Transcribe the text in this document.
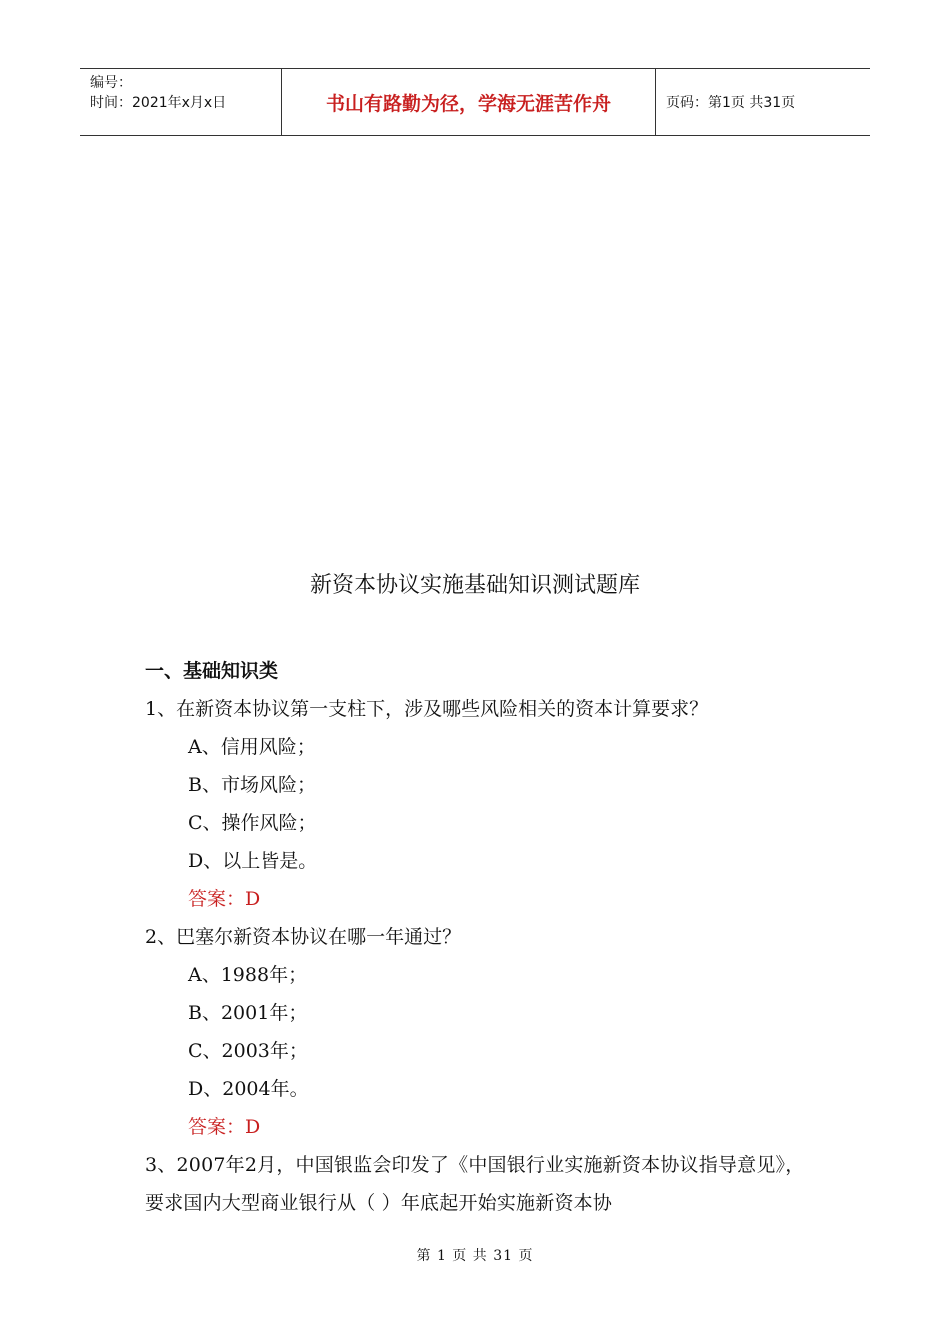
编号：
时间：2021年x月x日	书山有路勤为径，学海无涯苦作舟	页码：第1页 共31页
新资本协议实施基础知识测试题库
一、基础知识类
1、在新资本协议第一支柱下，涉及哪些风险相关的资本计算要求？
A、信用风险；
B、市场风险；
C、操作风险；
D、以上皆是。
答案：D
2、巴塞尔新资本协议在哪一年通过？
A、1988年；
B、2001年；
C、2003年；
D、2004年。
答案：D
3、2007年2月，中国银监会印发了《中国银行业实施新资本协议指导意见》，要求国内大型商业银行从（ ）年底起开始实施新资本协
第 1 页 共 31 页
